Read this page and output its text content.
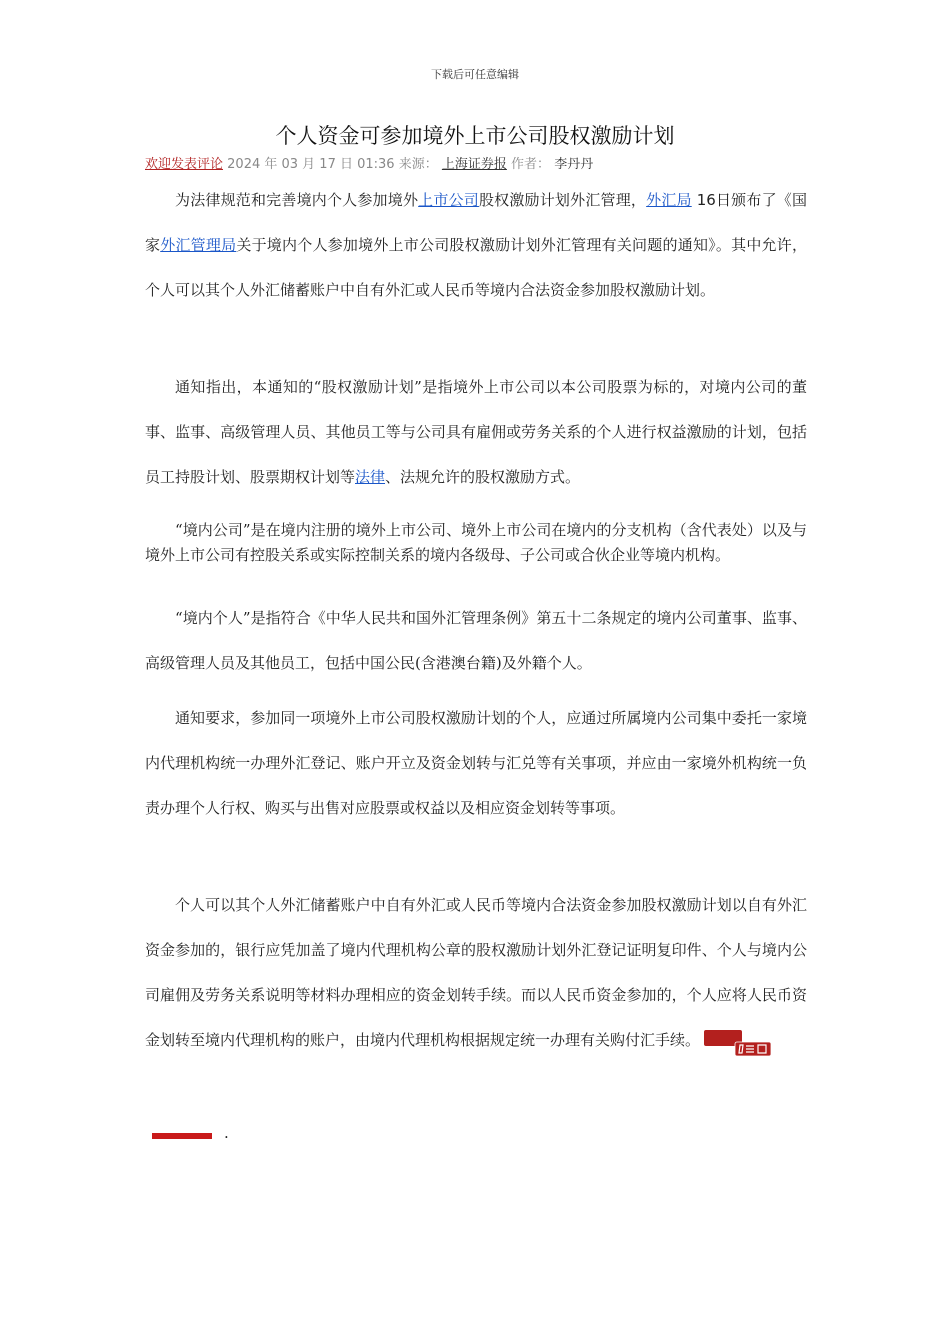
下载后可任意编辑
个人资金可参加境外上市公司股权激励计划
欢迎发表评论 2024 年 03 月 17 日 01:36 来源： 上海证券报 作者： 李丹丹

为法律规范和完善境内个人参加境外上市公司股权激励计划外汇管理，外汇局 16日颁布了《国家外汇管理局关于境内个人参加境外上市公司股权激励计划外汇管理有关问题的通知》。其中允许，个人可以其个人外汇储蓄账户中自有外汇或人民币等境内合法资金参加股权激励计划。

通知指出，本通知的“股权激励计划”是指境外上市公司以本公司股票为标的，对境内公司的董事、监事、高级管理人员、其他员工等与公司具有雇佣或劳务关系的个人进行权益激励的计划，包括员工持股计划、股票期权计划等法律、法规允许的股权激励方式。

“境内公司”是在境内注册的境外上市公司、境外上市公司在境内的分支机构（含代表处）以及与境外上市公司有控股关系或实际控制关系的境内各级母、子公司或合伙企业等境内机构。

“境内个人”是指符合《中华人民共和国外汇管理条例》第五十二条规定的境内公司董事、监事、高级管理人员及其他员工，包括中国公民(含港澳台籍)及外籍个人。

通知要求，参加同一项境外上市公司股权激励计划的个人，应通过所属境内公司集中委托一家境内代理机构统一办理外汇登记、账户开立及资金划转与汇兑等有关事项，并应由一家境外机构统一负责办理个人行权、购买与出售对应股票或权益以及相应资金划转等事项。

个人可以其个人外汇储蓄账户中自有外汇或人民币等境内合法资金参加股权激励计划以自有外汇资金参加的，银行应凭加盖了境内代理机构公章的股权激励计划外汇登记证明复印件、个人与境内公司雇佣及劳务关系说明等材料办理相应的资金划转手续。而以人民币资金参加的，个人应将人民币资金划转至境内代理机构的账户，由境内代理机构根据规定统一办理有关购付汇手续。

.
